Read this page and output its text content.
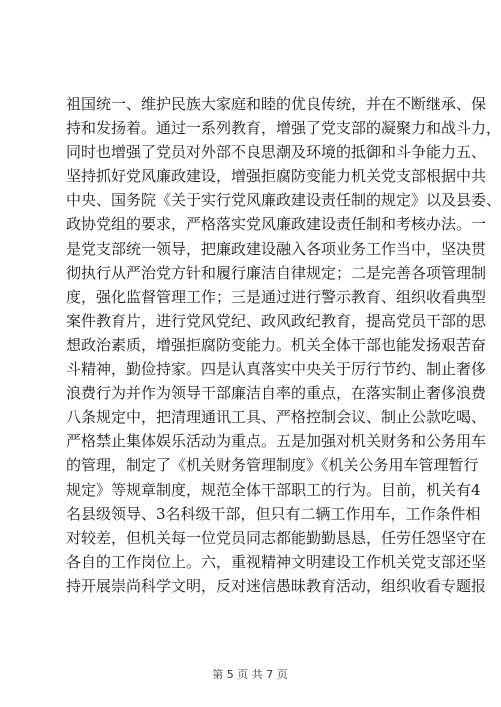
祖国统一、维护民族大家庭和睦的优良传统，并在不断继承、保
持和发扬着。通过一系列教育，增强了党支部的凝聚力和战斗力，
同时也增强了党员对外部不良思潮及环境的抵御和斗争能力五、
坚持抓好党风廉政建设，增强拒腐防变能力机关党支部根据中共
中央、国务院《关于实行党风廉政建设责任制的规定》以及县委、
政协党组的要求，严格落实党风廉政建设责任制和考核办法。一
是党支部统一领导，把廉政建设融入各项业务工作当中，坚决贯
彻执行从严治党方针和履行廉洁自律规定；二是完善各项管理制
度，强化监督管理工作；三是通过进行警示教育、组织收看典型
案件教育片，进行党风党纪、政风政纪教育，提高党员干部的思
想政治素质，增强拒腐防变能力。机关全体干部也能发扬艰苦奋
斗精神，勤俭持家。四是认真落实中央关于厉行节约、制止奢侈
浪费行为并作为领导干部廉洁自率的重点，在落实制止奢侈浪费
八条规定中，把清理通讯工具、严格控制会议、制止公款吃喝、
严格禁止集体娱乐活动为重点。五是加强对机关财务和公务用车
的管理，制定了《机关财务管理制度》《机关公务用车管理暂行
规定》等规章制度，规范全体干部职工的行为。目前，机关有4
名县级领导、3名科级干部，但只有二辆工作用车，工作条件相
对较差，但机关每一位党员同志都能勤勤恳恳，任劳任怨坚守在
各自的工作岗位上。六，重视精神文明建设工作机关党支部还坚
持开展崇尚科学文明，反对迷信愚昧教育活动，组织收看专题报
第 5 页 共 7 页
